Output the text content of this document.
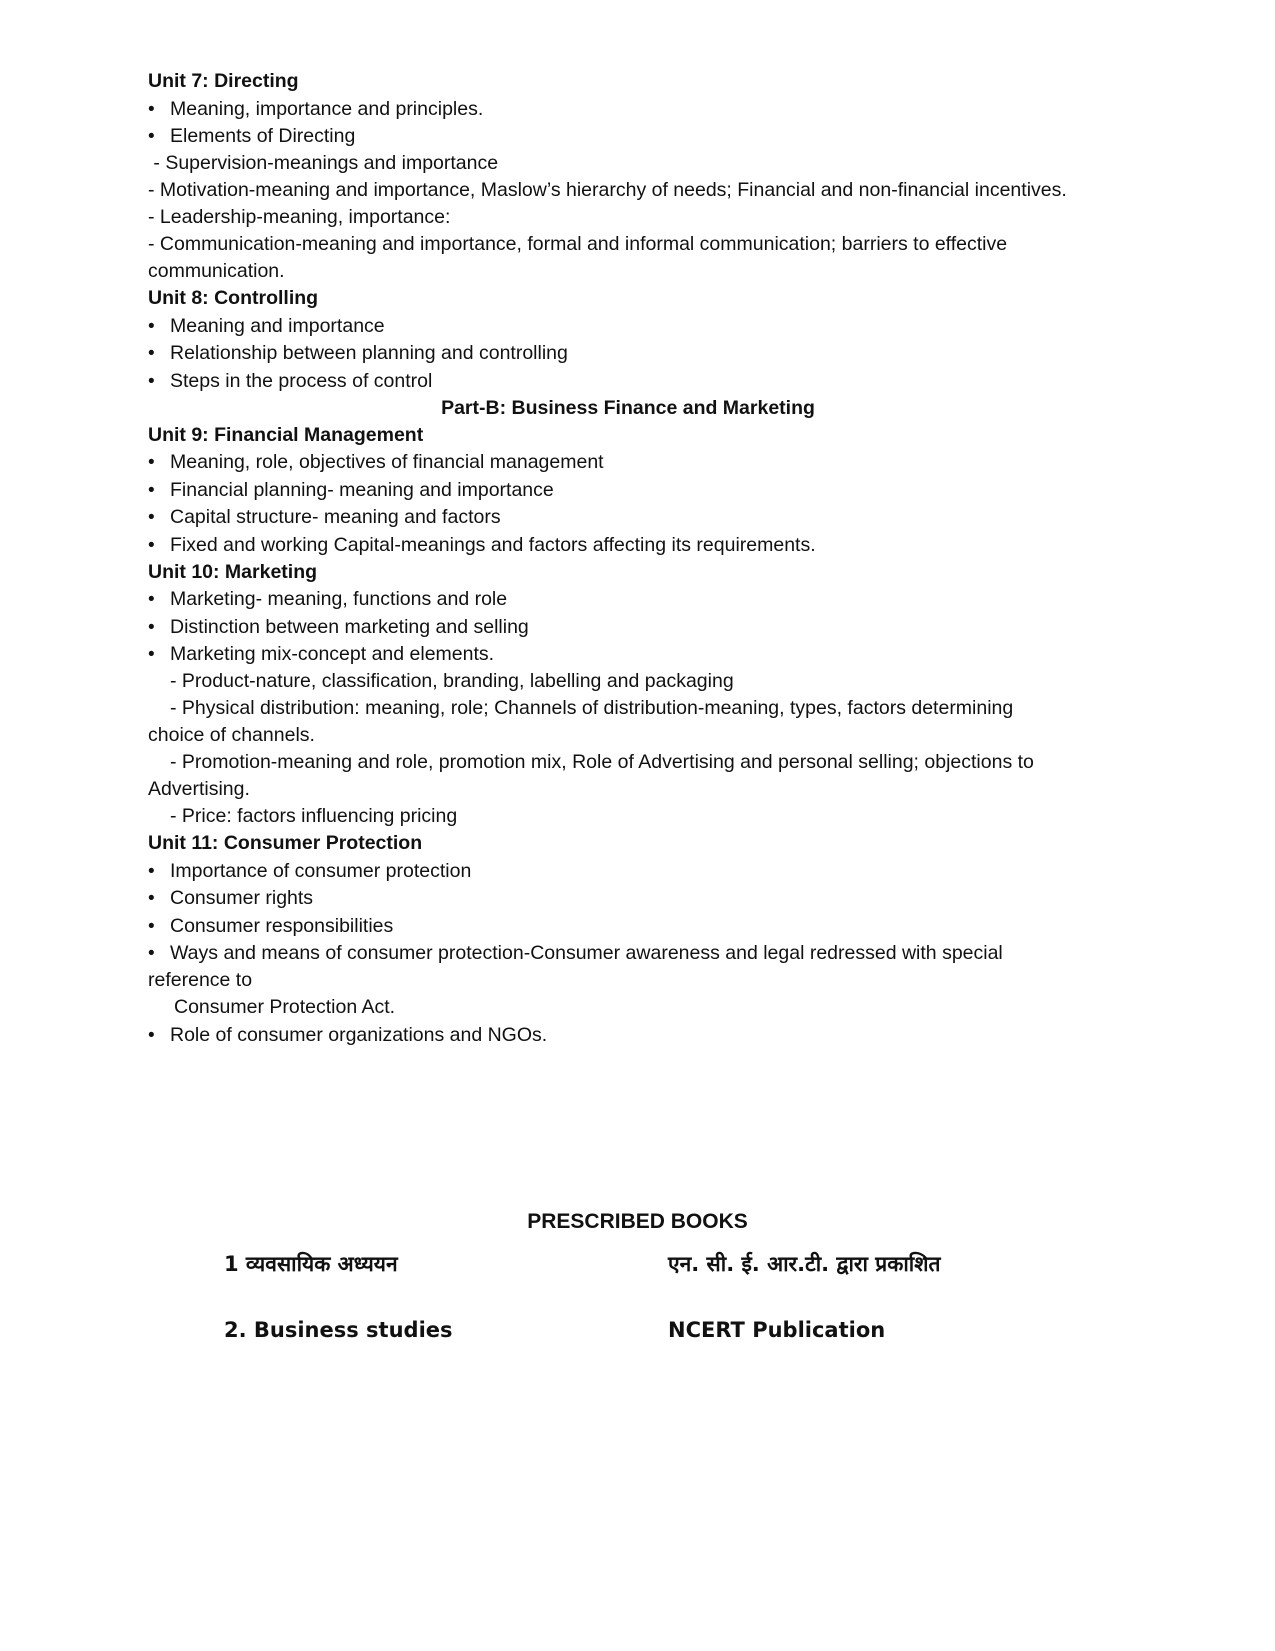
Unit 7: Directing
• Meaning, importance and principles.
• Elements of Directing
- Supervision-meanings and importance
- Motivation-meaning and importance, Maslow’s hierarchy of needs; Financial and non-financial incentives.
- Leadership-meaning, importance:
- Communication-meaning and importance, formal and informal communication; barriers to effective communication.
Unit 8: Controlling
• Meaning and importance
• Relationship between planning and controlling
• Steps in the process of control
Part-B: Business Finance and Marketing
Unit 9: Financial Management
• Meaning, role, objectives of financial management
• Financial planning- meaning and importance
• Capital structure- meaning and factors
• Fixed and working Capital-meanings and factors affecting its requirements.
Unit 10: Marketing
• Marketing- meaning, functions and role
• Distinction between marketing and selling
• Marketing mix-concept and elements.
- Product-nature, classification, branding, labelling and packaging
- Physical distribution: meaning, role; Channels of distribution-meaning, types, factors determining
choice of channels.
- Promotion-meaning and role, promotion mix, Role of Advertising and personal selling; objections to
Advertising.
- Price: factors influencing pricing
Unit 11: Consumer Protection
• Importance of consumer protection
• Consumer rights
• Consumer responsibilities
• Ways and means of consumer protection-Consumer awareness and legal redressed with special
reference to
Consumer Protection Act.
• Role of consumer organizations and NGOs.
PRESCRIBED BOOKS
1 व्यवसायिक अध्ययन	एन. सी. ई. आर.टी. द्वारा प्रकाशित
2. Business studies	NCERT Publication
